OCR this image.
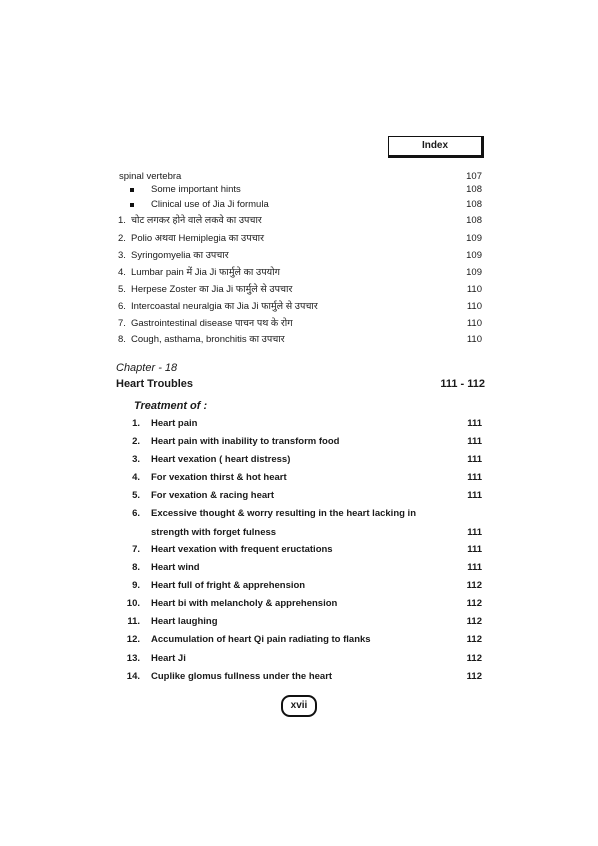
Index
spinal vertebra	107
Some important hints	108
Clinical use of Jia Ji formula	108
1. चोट लगकर होने वाले लकवे का उपचार	108
2. Polio अथवा Hemiplegia का उपचार	109
3. Syringomyelia का उपचार	109
4. Lumbar pain में Jia Ji फार्मुले का उपयोग	109
5. Herpese Zoster का Jia Ji फार्मुले से उपचार	110
6. Intercoastal neuralgia का Jia Ji फार्मुले से उपचार	110
7. Gastrointestinal disease पाचन पथ के रोग	110
8. Cough, asthama, bronchitis का उपचार	110
Chapter - 18
Heart Troubles	111 - 112
Treatment of :
1. Heart pain	111
2. Heart pain with inability to transform food	111
3. Heart vexation ( heart distress)	111
4. For vexation thirst & hot heart	111
5. For vexation & racing heart	111
6. Excessive thought & worry resulting in the heart lacking in
strength with forget fulness	111
7. Heart vexation with frequent eructations	111
8. Heart wind	111
9. Heart full of fright & apprehension	112
10. Heart bi with melancholy & apprehension	112
11. Heart laughing	112
12. Accumulation of heart Qi pain radiating to flanks	112
13. Heart Ji	112
14. Cuplike glomus fullness under the heart	112
xvii
